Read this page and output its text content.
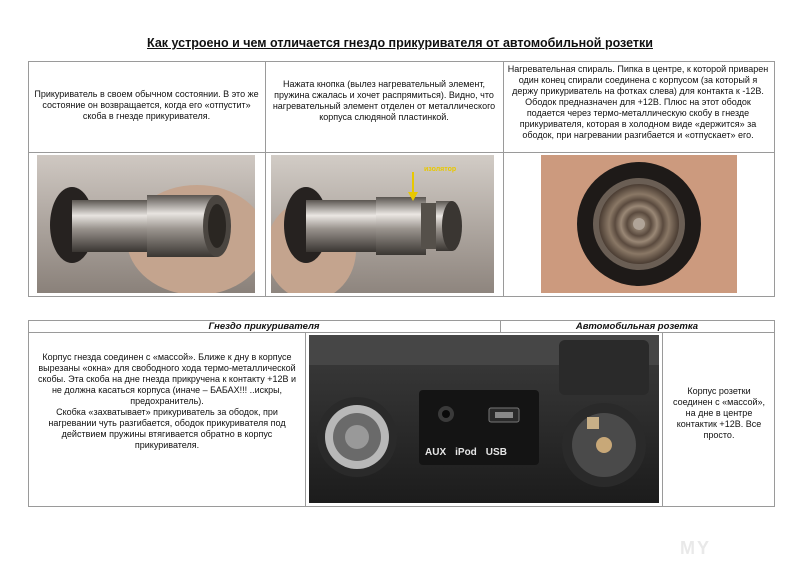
Как устроено и чем отличается гнездо прикуривателя от автомобильной розетки
Прикуриватель в своем обычном состоянии. В это же состояние он возвращается, когда его «отпустит» скоба в гнезде прикуривателя.
Нажата кнопка (вылез нагревательный элемент, пружина сжалась и хочет распрямиться). Видно, что нагревательный элемент отделен от металлического корпуса слюдяной пластинкой.
Нагревательная спираль. Пипка в центре, к которой приварен один конец спирали соединена с корпусом (за который я держу прикуриватель на фотках слева) для контакта к -12В. Ободок предназначен для +12В. Плюс на этот ободок подается через термо-металлическую скобу в гнезде прикуривателя, которая в холодном виде «держится» за ободок, при нагревании разгибается и «отпускает» его.
изолятор
Гнездо прикуривателя	Автомобильная розетка
Корпус гнезда соединен с «массой». Ближе к дну в корпусе вырезаны «окна» для свободного хода термо-металлической скобы. Эта скоба на дне гнезда прикручена к контакту +12В и не должна касаться корпуса (иначе – БАБАХ!!! ..искры, предохранитель).
Скобка «захватывает» прикуриватель за ободок, при нагревании чуть разгибается, ободок прикуривателя под действием пружины втягивается обратно в корпус прикуривателя.
AUX iPod USB
Корпус розетки соединен с «массой», на дне в центре контактик +12В. Все просто.
MY
